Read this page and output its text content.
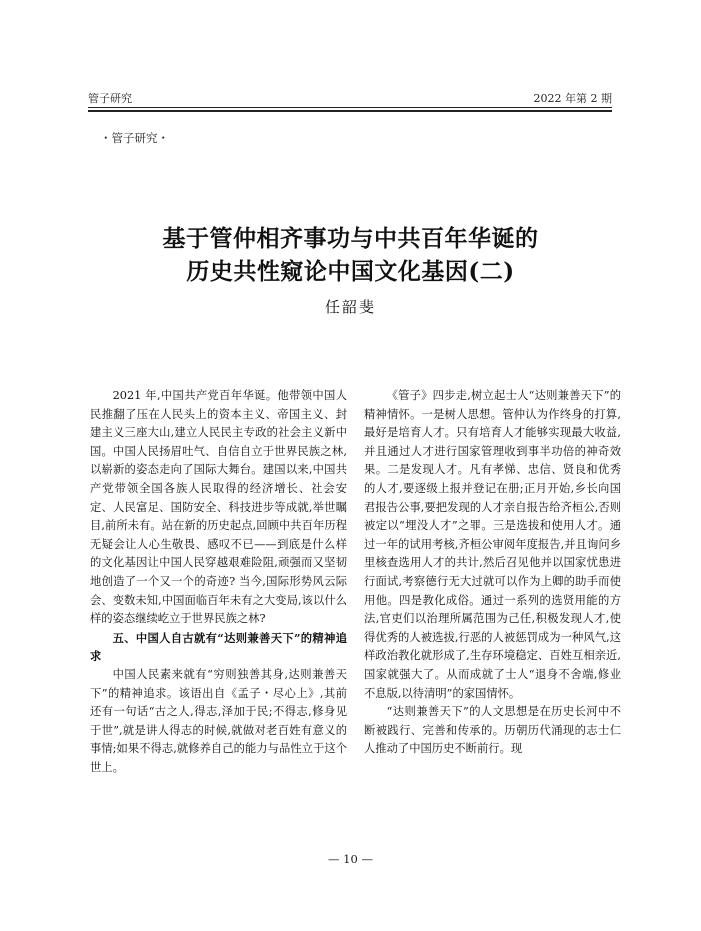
管子研究	2022 年第 2 期
・管子研究・
基于管仲相齐事功与中共百年华诞的
历史共性窥论中国文化基因(二)
任韶斐

2021 年,中国共产党百年华诞。他带领中国人民推翻了压在人民头上的资本主义、帝国主义、封建主义三座大山,建立人民民主专政的社会主义新中国。中国人民扬眉吐气、自信自立于世界民族之林,以崭新的姿态走向了国际大舞台。建国以来,中国共产党带领全国各族人民取得的经济增长、社会安定、人民富足、国防安全、科技进步等成就,举世瞩目,前所未有。站在新的历史起点,回顾中共百年历程无疑会让人心生敬畏、感叹不已——到底是什么样的文化基因让中国人民穿越艰难险阻,顽强而又坚韧地创造了一个又一个的奇迹? 当今,国际形势风云际会、变数未知,中国面临百年未有之大变局,该以什么样的姿态继续屹立于世界民族之林?

五、中国人自古就有“达则兼善天下”的精神追求

中国人民素来就有“穷则独善其身,达则兼善天下”的精神追求。该语出自《孟子・尽心上》,其前还有一句话“古之人,得志,泽加于民;不得志,修身见于世”,就是讲人得志的时候,就做对老百姓有意义的事情;如果不得志,就修养自己的能力与品性立于这个世上。

《管子》四步走,树立起士人“达则兼善天下”的精神情怀。一是树人思想。管仲认为作终身的打算,最好是培育人才。只有培育人才能够实现最大收益,并且通过人才进行国家管理收到事半功倍的神奇效果。二是发现人才。凡有孝悌、忠信、贤良和优秀的人才,要逐级上报并登记在册;正月开始,乡长向国君报告公事,要把发现的人才亲自报告给齐桓公,否则被定以“埋没人才”之罪。三是选拔和使用人才。通过一年的试用考核,齐桓公审阅年度报告,并且询问乡里核查选用人才的共计,然后召见他并以国家忧患进行面试,考察德行无大过就可以作为上卿的助手而使用他。四是教化成俗。通过一系列的选贤用能的方法,官吏们以治理所属范围为己任,积极发现人才,使得优秀的人被选拔,行恶的人被惩罚成为一种风气,这样政治教化就形成了,生存环境稳定、百姓互相亲近,国家就强大了。从而成就了士人“退身不舍端,修业不息版,以待清明”的家国情怀。

“达则兼善天下”的人文思想是在历史长河中不断被践行、完善和传承的。历朝历代涌现的志士仁人推动了中国历史不断前行。现

— 10 —
